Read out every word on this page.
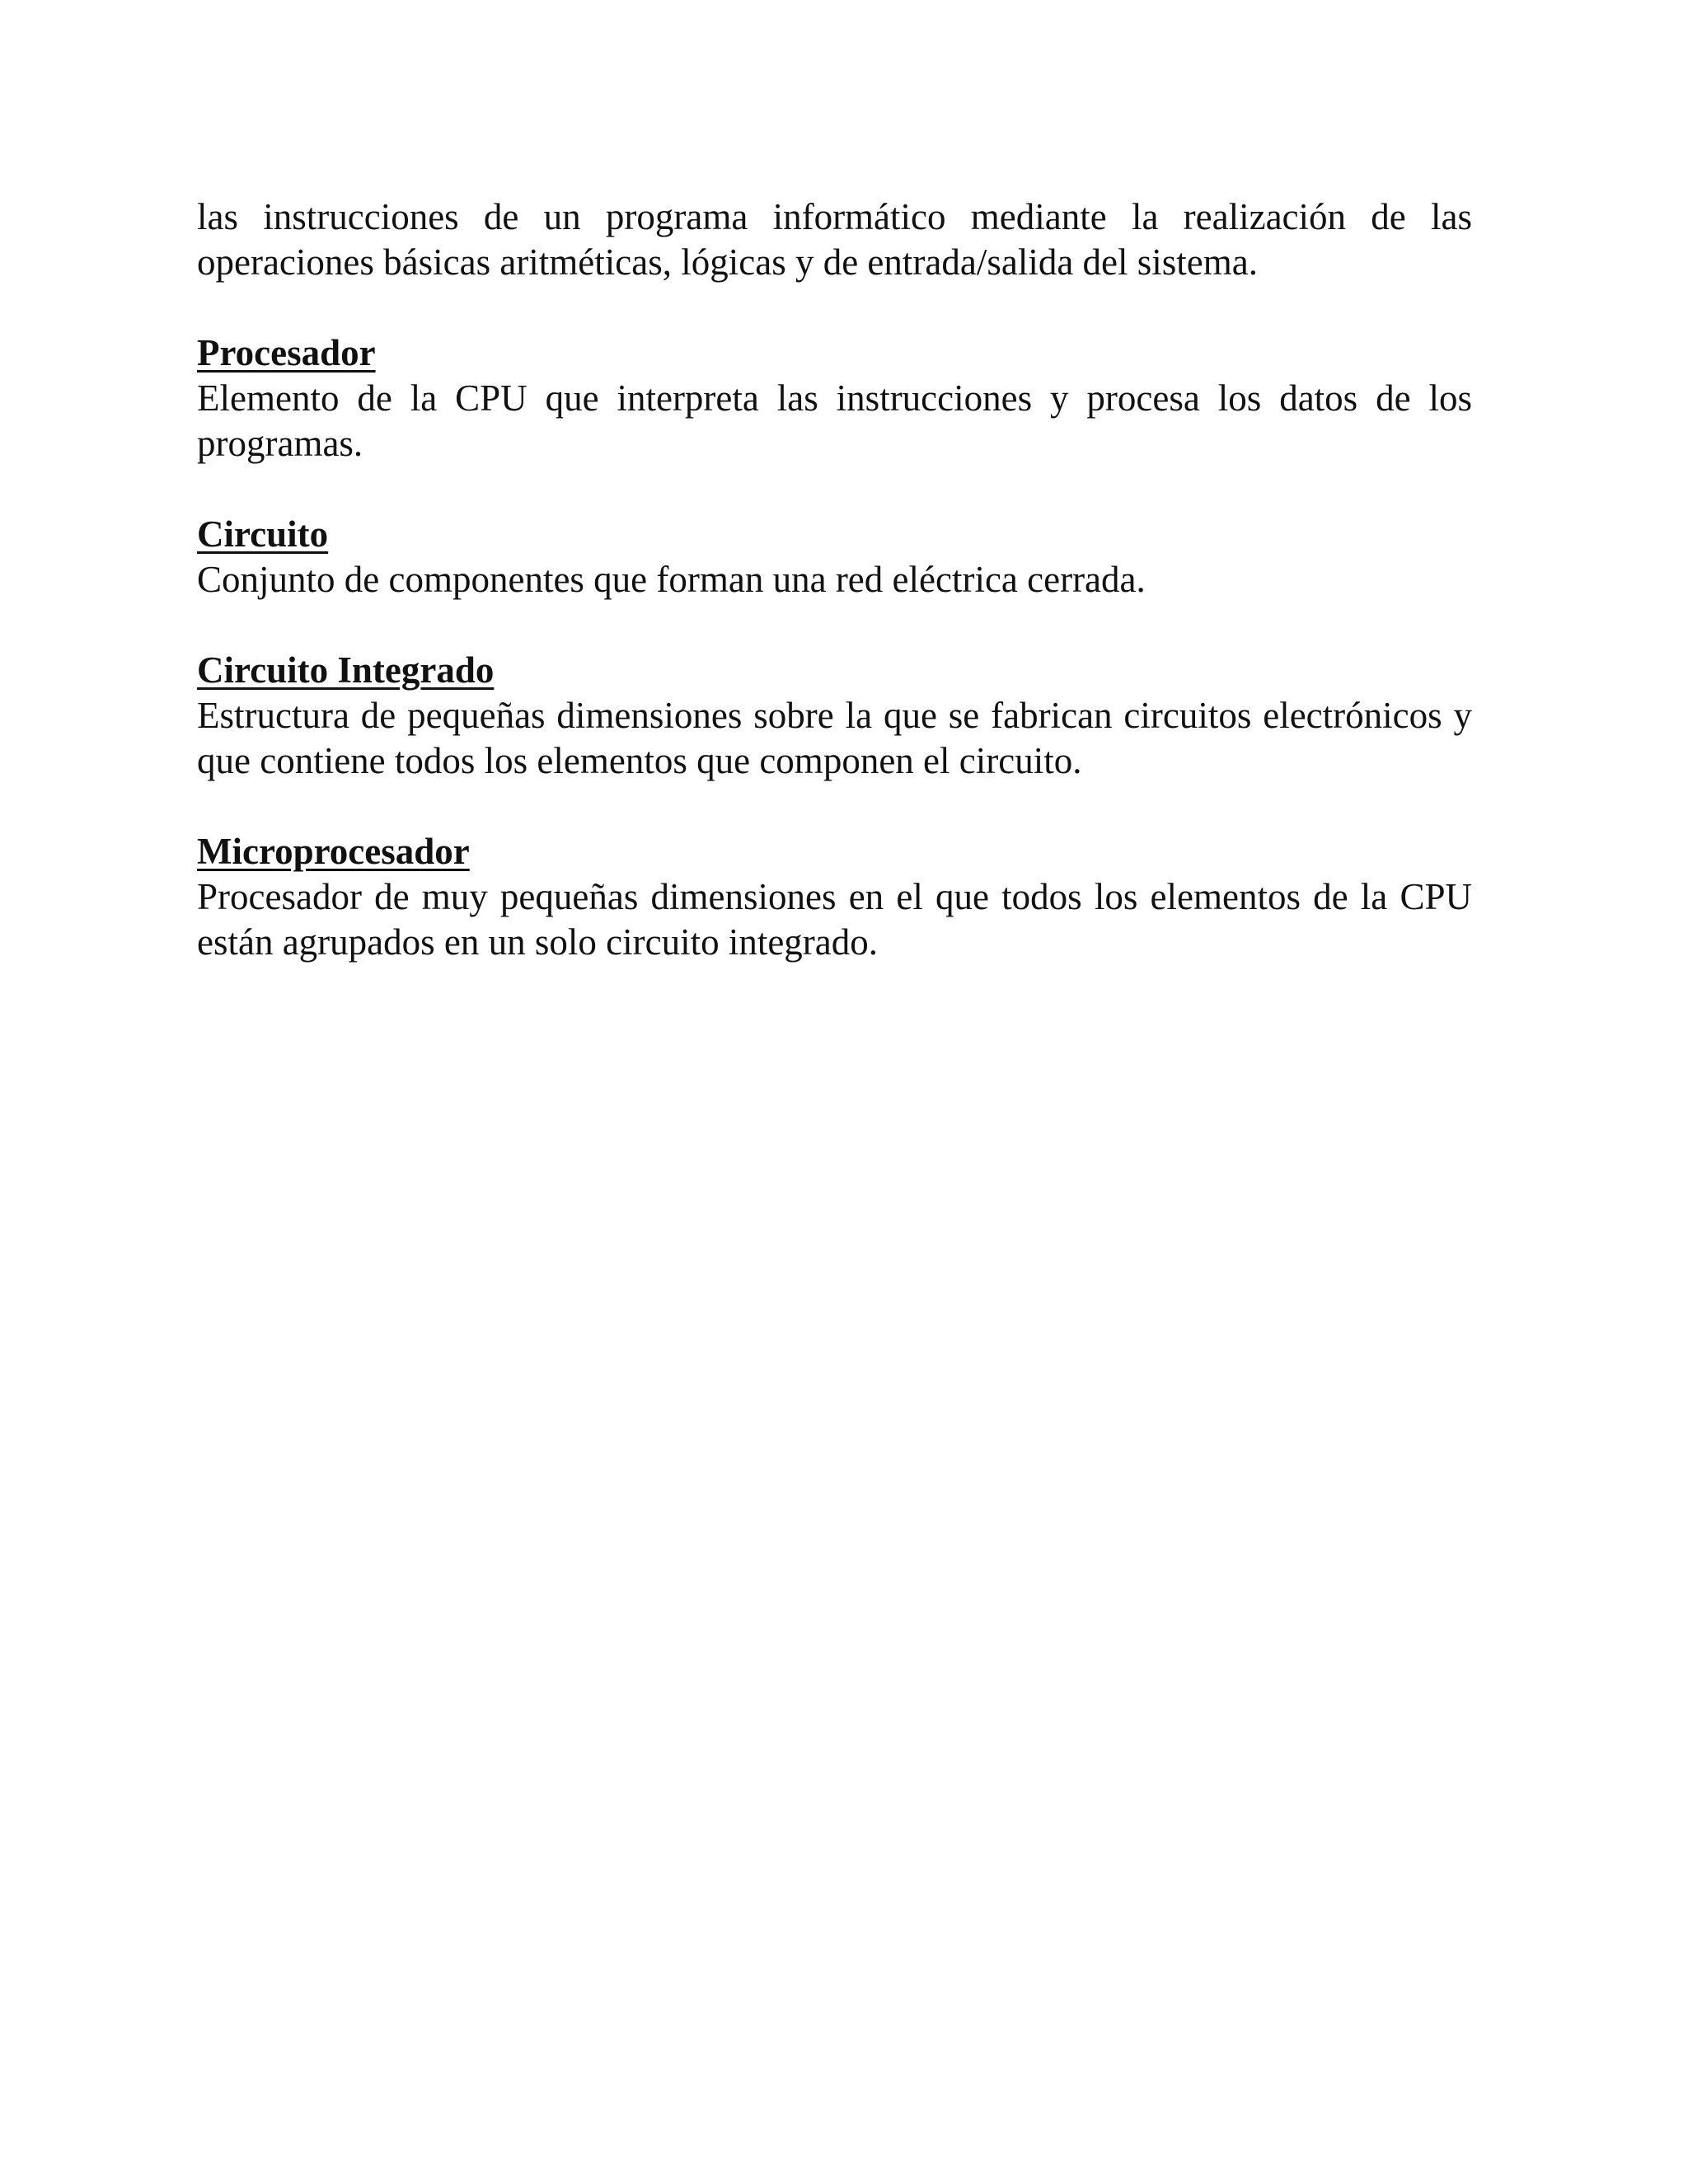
las instrucciones de un programa informático mediante la realización de las operaciones básicas aritméticas, lógicas y de entrada/salida del sistema.

Procesador

Elemento de la CPU que interpreta las instrucciones y procesa los datos de los programas.

Circuito

Conjunto de componentes que forman una red eléctrica cerrada.

Circuito Integrado

Estructura de pequeñas dimensiones sobre la que se fabrican circuitos electrónicos y que contiene todos los elementos que componen el circuito.

Microprocesador

Procesador de muy pequeñas dimensiones en el que todos los elementos de la CPU están agrupados en un solo circuito integrado.
